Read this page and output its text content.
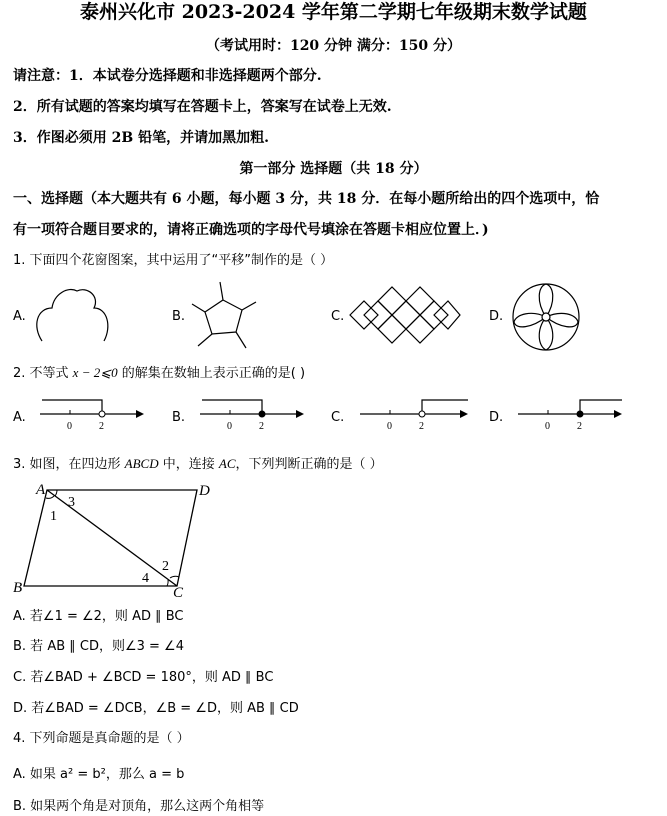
泰州兴化市 2023-2024 学年第二学期七年级期末数学试题
（考试用时：120 分钟 满分：150 分）
请注意：1．本试卷分选择题和非选择题两个部分.
2．所有试题的答案均填写在答题卡上，答案写在试卷上无效.
3．作图必须用 2B 铅笔，并请加黑加粗.
第一部分 选择题（共 18 分）
一、选择题（本大题共有 6 小题，每小题 3 分，共 18 分．在每小题所给出的四个选项中，恰
有一项符合题目要求的，请将正确选项的字母代号填涂在答题卡相应位置上．)
1. 下面四个花窗图案，其中运用了“平移”制作的是（ ）
A.	B.	C.	D.
2. 不等式 x − 2⩽0 的解集在数轴上表示正确的是( )
A.
0	2
B.
0	2
C.
0	2
D.
0	2
3. 如图，在四边形 ABCD 中，连接 AC，下列判断正确的是（ ）
A	D
B	C
3
1
2
4
A. 若∠1 = ∠2，则 AD ∥ BC
B. 若 AB ∥ CD，则∠3 = ∠4
C. 若∠BAD + ∠BCD = 180°，则 AD ∥ BC
D. 若∠BAD = ∠DCB，∠B = ∠D，则 AB ∥ CD
4. 下列命题是真命题的是（ ）
A. 如果 a² = b²，那么 a = b
B. 如果两个角是对顶角，那么这两个角相等
